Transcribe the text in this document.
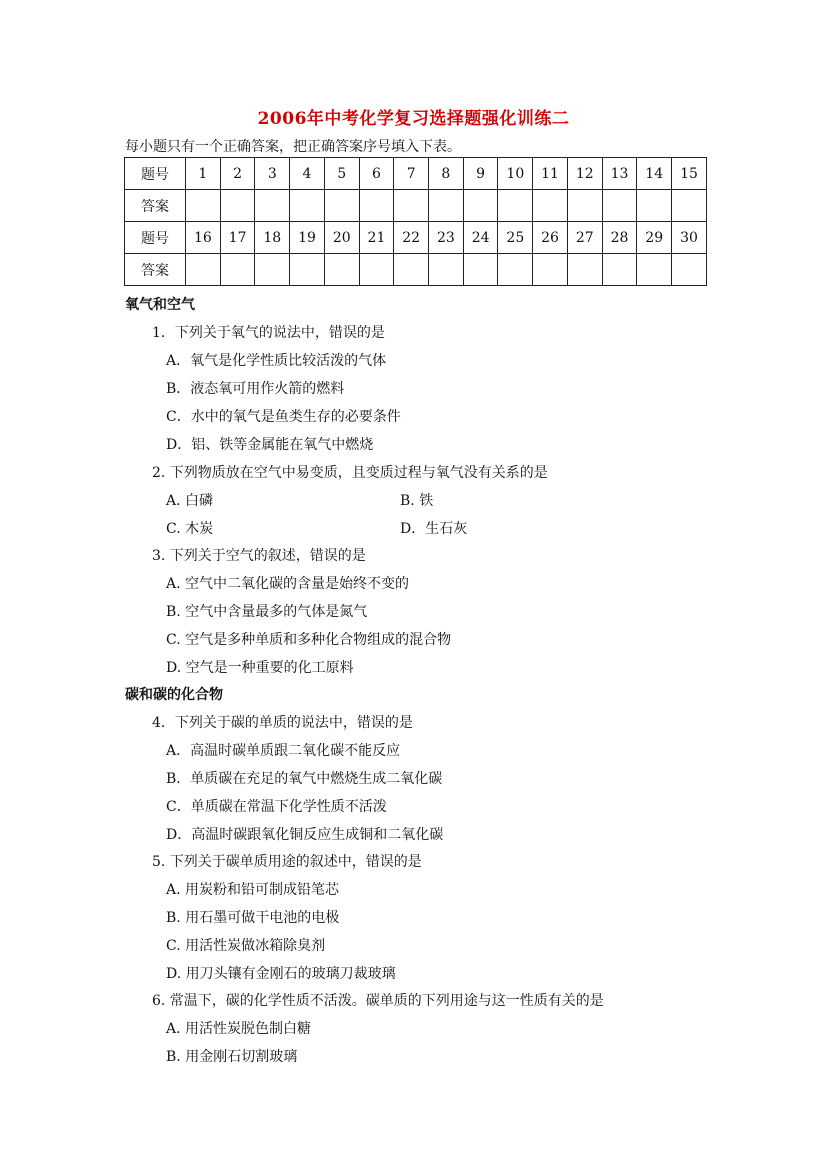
2006年中考化学复习选择题强化训练二
每小题只有一个正确答案，把正确答案序号填入下表。
题号	1	2	3	4	5	6	7	8	9	10	11	12	13	14	15
答案															
题号	16	17	18	19	20	21	22	23	24	25	26	27	28	29	30
答案															
氧气和空气
1．下列关于氧气的说法中，错误的是
A．氧气是化学性质比较活泼的气体
B．液态氧可用作火箭的燃料
C．水中的氧气是鱼类生存的必要条件
D．铝、铁等金属能在氧气中燃烧
2. 下列物质放在空气中易变质，且变质过程与氧气没有关系的是
A. 白磷	B. 铁
C. 木炭	D．生石灰
3. 下列关于空气的叙述，错误的是
A. 空气中二氧化碳的含量是始终不变的
B. 空气中含量最多的气体是氮气
C. 空气是多种单质和多种化合物组成的混合物
D. 空气是一种重要的化工原料
碳和碳的化合物
4．下列关于碳的单质的说法中，错误的是
A．高温时碳单质跟二氧化碳不能反应
B．单质碳在充足的氧气中燃烧生成二氧化碳
C．单质碳在常温下化学性质不活泼
D．高温时碳跟氧化铜反应生成铜和二氧化碳
5. 下列关于碳单质用途的叙述中，错误的是
A. 用炭粉和铅可制成铅笔芯
B. 用石墨可做干电池的电极
C. 用活性炭做冰箱除臭剂
D. 用刀头镶有金刚石的玻璃刀裁玻璃
6. 常温下，碳的化学性质不活泼。碳单质的下列用途与这一性质有关的是
A. 用活性炭脱色制白糖
B. 用金刚石切割玻璃
